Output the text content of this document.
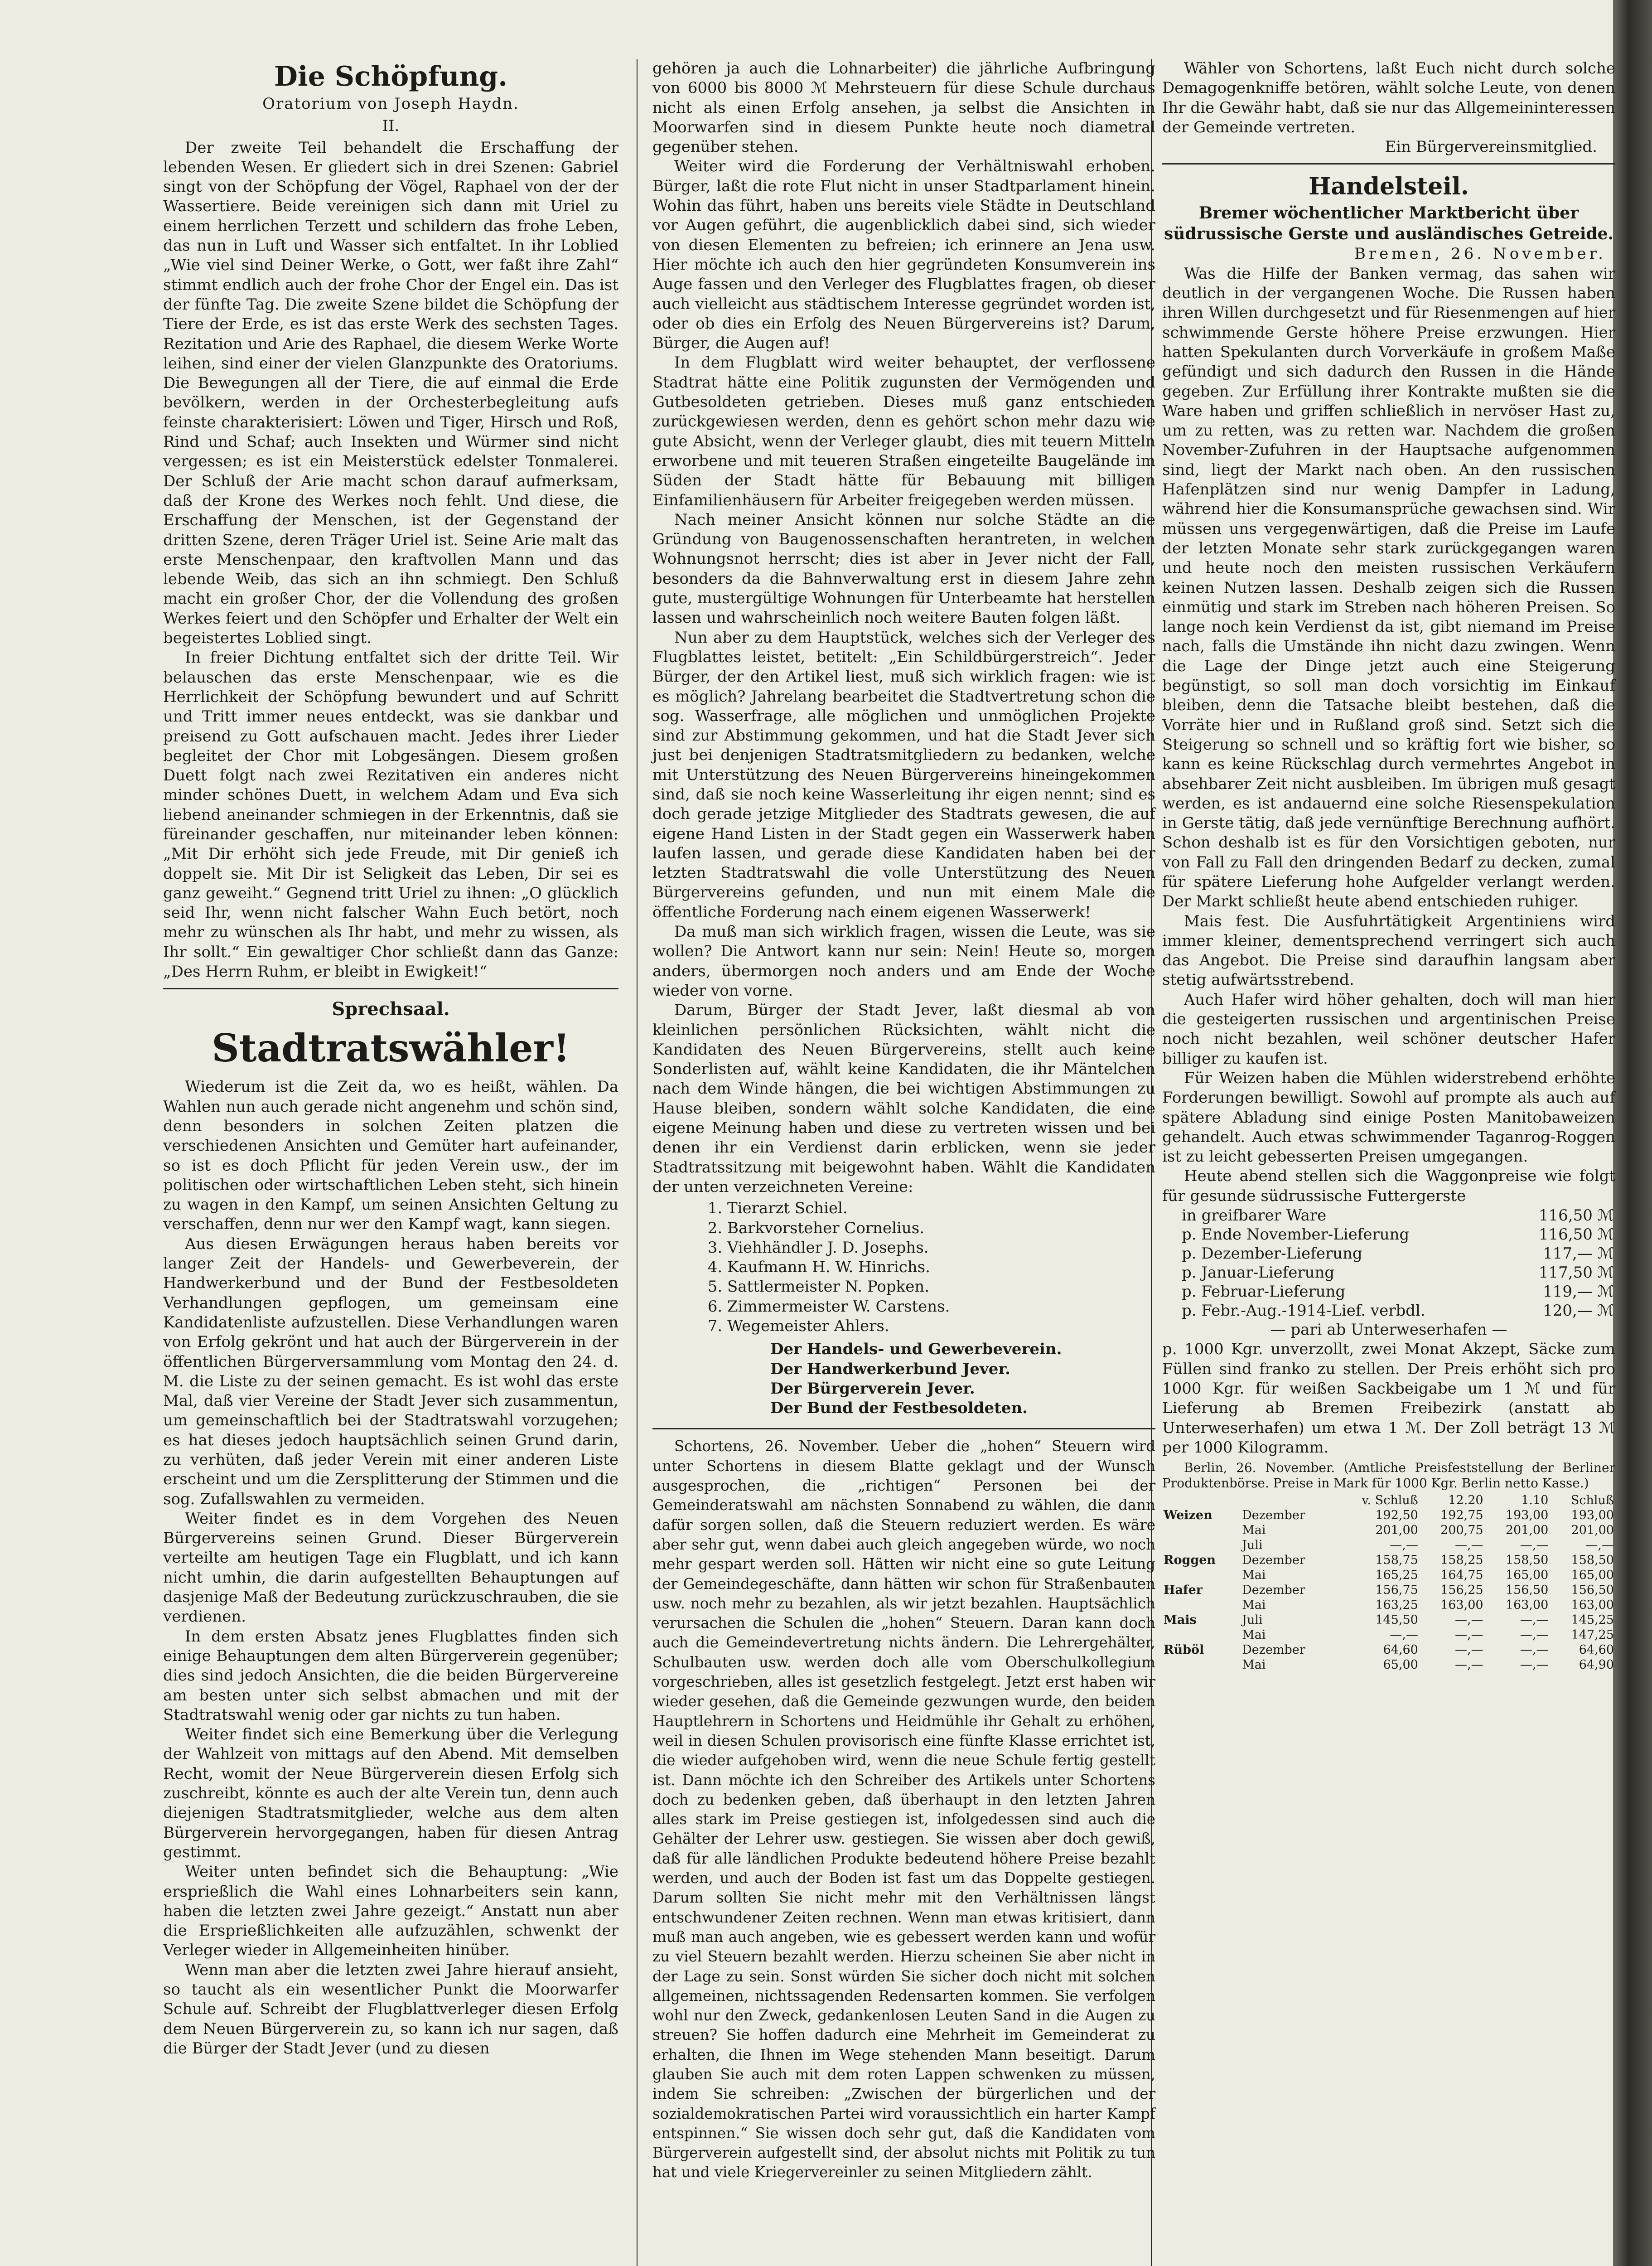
Die Schöpfung.
Oratorium von Joseph Haydn.
II.

Der zweite Teil behandelt die Erschaffung der lebenden Wesen. Er gliedert sich in drei Szenen: Gabriel singt von der Schöpfung der Vögel, Raphael von der der Wassertiere. Beide vereinigen sich dann mit Uriel zu einem herrlichen Terzett und schildern das frohe Leben, das nun in Luft und Wasser sich entfaltet. In ihr Loblied „Wie viel sind Deiner Werke, o Gott, wer faßt ihre Zahl“ stimmt endlich auch der frohe Chor der Engel ein. Das ist der fünfte Tag. Die zweite Szene bildet die Schöpfung der Tiere der Erde, es ist das erste Werk des sechsten Tages. Rezitation und Arie des Raphael, die diesem Werke Worte leihen, sind einer der vielen Glanzpunkte des Oratoriums. Die Bewegungen all der Tiere, die auf einmal die Erde bevölkern, werden in der Orchesterbegleitung aufs feinste charakterisiert: Löwen und Tiger, Hirsch und Roß, Rind und Schaf; auch Insekten und Würmer sind nicht vergessen; es ist ein Meisterstück edelster Tonmalerei. Der Schluß der Arie macht schon darauf aufmerksam, daß der Krone des Werkes noch fehlt. Und diese, die Erschaffung der Menschen, ist der Gegenstand der dritten Szene, deren Träger Uriel ist. Seine Arie malt das erste Menschenpaar, den kraftvollen Mann und das lebende Weib, das sich an ihn schmiegt. Den Schluß macht ein großer Chor, der die Vollendung des großen Werkes feiert und den Schöpfer und Erhalter der Welt ein begeistertes Loblied singt.

In freier Dichtung entfaltet sich der dritte Teil. Wir belauschen das erste Menschenpaar, wie es die Herrlichkeit der Schöpfung bewundert und auf Schritt und Tritt immer neues entdeckt, was sie dankbar und preisend zu Gott aufschauen macht. Jedes ihrer Lieder begleitet der Chor mit Lobgesängen. Diesem großen Duett folgt nach zwei Rezitativen ein anderes nicht minder schönes Duett, in welchem Adam und Eva sich liebend aneinander schmiegen in der Erkenntnis, daß sie füreinander geschaffen, nur miteinander leben können: „Mit Dir erhöht sich jede Freude, mit Dir genieß ich doppelt sie. Mit Dir ist Seligkeit das Leben, Dir sei es ganz geweiht.“ Gegnend tritt Uriel zu ihnen: „O glücklich seid Ihr, wenn nicht falscher Wahn Euch betört, noch mehr zu wünschen als Ihr habt, und mehr zu wissen, als Ihr sollt.“ Ein gewaltiger Chor schließt dann das Ganze: „Des Herrn Ruhm, er bleibt in Ewigkeit!“

Sprechsaal.
Stadtratswähler!

Wiederum ist die Zeit da, wo es heißt, wählen. Da Wahlen nun auch gerade nicht angenehm und schön sind, denn besonders in solchen Zeiten platzen die verschiedenen Ansichten und Gemüter hart aufeinander, so ist es doch Pflicht für jeden Verein usw., der im politischen oder wirtschaftlichen Leben steht, sich hinein zu wagen in den Kampf, um seinen Ansichten Geltung zu verschaffen, denn nur wer den Kampf wagt, kann siegen.

Aus diesen Erwägungen heraus haben bereits vor langer Zeit der Handels- und Gewerbeverein, der Handwerkerbund und der Bund der Festbesoldeten Verhandlungen gepflogen, um gemeinsam eine Kandidatenliste aufzustellen. Diese Verhandlungen waren von Erfolg gekrönt und hat auch der Bürgerverein in der öffentlichen Bürgerversammlung vom Montag den 24. d. M. die Liste zu der seinen gemacht. Es ist wohl das erste Mal, daß vier Vereine der Stadt Jever sich zusammentun, um gemeinschaftlich bei der Stadtratswahl vorzugehen; es hat dieses jedoch hauptsächlich seinen Grund darin, zu verhüten, daß jeder Verein mit einer anderen Liste erscheint und um die Zersplitterung der Stimmen und die sog. Zufallswahlen zu vermeiden.

Weiter findet es in dem Vorgehen des Neuen Bürgervereins seinen Grund. Dieser Bürgerverein verteilte am heutigen Tage ein Flugblatt, und ich kann nicht umhin, die darin aufgestellten Behauptungen auf dasjenige Maß der Bedeutung zurückzuschrauben, die sie verdienen.

In dem ersten Absatz jenes Flugblattes finden sich einige Behauptungen dem alten Bürgerverein gegenüber; dies sind jedoch Ansichten, die die beiden Bürgervereine am besten unter sich selbst abmachen und mit der Stadtratswahl wenig oder gar nichts zu tun haben.

Weiter findet sich eine Bemerkung über die Verlegung der Wahlzeit von mittags auf den Abend. Mit demselben Recht, womit der Neue Bürgerverein diesen Erfolg sich zuschreibt, könnte es auch der alte Verein tun, denn auch diejenigen Stadtratsmitglieder, welche aus dem alten Bürgerverein hervorgegangen, haben für diesen Antrag gestimmt.

Weiter unten befindet sich die Behauptung: „Wie ersprießlich die Wahl eines Lohnarbeiters sein kann, haben die letzten zwei Jahre gezeigt.“ Anstatt nun aber die Ersprießlichkeiten alle aufzuzählen, schwenkt der Verleger wieder in Allgemeinheiten hinüber.

Wenn man aber die letzten zwei Jahre hierauf ansieht, so taucht als ein wesentlicher Punkt die Moorwarfer Schule auf. Schreibt der Flugblattverleger diesen Erfolg dem Neuen Bürgerverein zu, so kann ich nur sagen, daß die Bürger der Stadt Jever (und zu diesen

gehören ja auch die Lohnarbeiter) die jährliche Aufbringung von 6000 bis 8000 ℳ Mehrsteuern für diese Schule durchaus nicht als einen Erfolg ansehen, ja selbst die Ansichten in Moorwarfen sind in diesem Punkte heute noch diametral gegenüber stehen.

Weiter wird die Forderung der Verhältniswahl erhoben. Bürger, laßt die rote Flut nicht in unser Stadtparlament hinein. Wohin das führt, haben uns bereits viele Städte in Deutschland vor Augen geführt, die augenblicklich dabei sind, sich wieder von diesen Elementen zu befreien; ich erinnere an Jena usw. Hier möchte ich auch den hier gegründeten Konsumverein ins Auge fassen und den Verleger des Flugblattes fragen, ob dieser auch vielleicht aus städtischem Interesse gegründet worden ist, oder ob dies ein Erfolg des Neuen Bürgervereins ist? Darum, Bürger, die Augen auf!

In dem Flugblatt wird weiter behauptet, der verflossene Stadtrat hätte eine Politik zugunsten der Vermögenden und Gutbesoldeten getrieben. Dieses muß ganz entschieden zurückgewiesen werden, denn es gehört schon mehr dazu wie gute Absicht, wenn der Verleger glaubt, dies mit teuern Mitteln erworbene und mit teueren Straßen eingeteilte Baugelände im Süden der Stadt hätte für Bebauung mit billigen Einfamilienhäusern für Arbeiter freigegeben werden müssen.

Nach meiner Ansicht können nur solche Städte an die Gründung von Baugenossenschaften herantreten, in welchen Wohnungsnot herrscht; dies ist aber in Jever nicht der Fall, besonders da die Bahnverwaltung erst in diesem Jahre zehn gute, mustergültige Wohnungen für Unterbeamte hat herstellen lassen und wahrscheinlich noch weitere Bauten folgen läßt.

Nun aber zu dem Hauptstück, welches sich der Verleger des Flugblattes leistet, betitelt: „Ein Schildbürgerstreich“. Jeder Bürger, der den Artikel liest, muß sich wirklich fragen: wie ist es möglich? Jahrelang bearbeitet die Stadtvertretung schon die sog. Wasserfrage, alle möglichen und unmöglichen Projekte sind zur Abstimmung gekommen, und hat die Stadt Jever sich just bei denjenigen Stadtratsmitgliedern zu bedanken, welche mit Unterstützung des Neuen Bürgervereins hineingekommen sind, daß sie noch keine Wasserleitung ihr eigen nennt; sind es doch gerade jetzige Mitglieder des Stadtrats gewesen, die auf eigene Hand Listen in der Stadt gegen ein Wasserwerk haben laufen lassen, und gerade diese Kandidaten haben bei der letzten Stadtratswahl die volle Unterstützung des Neuen Bürgervereins gefunden, und nun mit einem Male die öffentliche Forderung nach einem eigenen Wasserwerk!

Da muß man sich wirklich fragen, wissen die Leute, was sie wollen? Die Antwort kann nur sein: Nein! Heute so, morgen anders, übermorgen noch anders und am Ende der Woche wieder von vorne.

Darum, Bürger der Stadt Jever, laßt diesmal ab von kleinlichen persönlichen Rücksichten, wählt nicht die Kandidaten des Neuen Bürgervereins, stellt auch keine Sonderlisten auf, wählt keine Kandidaten, die ihr Mäntelchen nach dem Winde hängen, die bei wichtigen Abstimmungen zu Hause bleiben, sondern wählt solche Kandidaten, die eine eigene Meinung haben und diese zu vertreten wissen und bei denen ihr ein Verdienst darin erblicken, wenn sie jeder Stadtratssitzung mit beigewohnt haben. Wählt die Kandidaten der unten verzeichneten Vereine:

1. Tierarzt Schiel.
2. Barkvorsteher Cornelius.
3. Viehhändler J. D. Josephs.
4. Kaufmann H. W. Hinrichs.
5. Sattlermeister N. Popken.
6. Zimmermeister W. Carstens.
7. Wegemeister Ahlers.
Der Handels- und Gewerbeverein.
Der Handwerkerbund Jever.
Der Bürgerverein Jever.
Der Bund der Festbesoldeten.

Schortens, 26. November. Ueber die „hohen“ Steuern wird unter Schortens in diesem Blatte geklagt und der Wunsch ausgesprochen, die „richtigen“ Personen bei der Gemeinderatswahl am nächsten Sonnabend zu wählen, die dann dafür sorgen sollen, daß die Steuern reduziert werden. Es wäre aber sehr gut, wenn dabei auch gleich angegeben würde, wo noch mehr gespart werden soll. Hätten wir nicht eine so gute Leitung der Gemeindegeschäfte, dann hätten wir schon für Straßenbauten usw. noch mehr zu bezahlen, als wir jetzt bezahlen. Hauptsächlich verursachen die Schulen die „hohen“ Steuern. Daran kann doch auch die Gemeindevertretung nichts ändern. Die Lehrergehälter, Schulbauten usw. werden doch alle vom Oberschulkollegium vorgeschrieben, alles ist gesetzlich festgelegt. Jetzt erst haben wir wieder gesehen, daß die Gemeinde gezwungen wurde, den beiden Hauptlehrern in Schortens und Heidmühle ihr Gehalt zu erhöhen, weil in diesen Schulen provisorisch eine fünfte Klasse errichtet ist, die wieder aufgehoben wird, wenn die neue Schule fertig gestellt ist. Dann möchte ich den Schreiber des Artikels unter Schortens doch zu bedenken geben, daß überhaupt in den letzten Jahren alles stark im Preise gestiegen ist, infolgedessen sind auch die Gehälter der Lehrer usw. gestiegen. Sie wissen aber doch gewiß, daß für alle ländlichen Produkte bedeutend höhere Preise bezahlt werden, und auch der Boden ist fast um das Doppelte gestiegen. Darum sollten Sie nicht mehr mit den Verhältnissen längst entschwundener Zeiten rechnen. Wenn man etwas kritisiert, dann muß man auch angeben, wie es gebessert werden kann und wofür zu viel Steuern bezahlt werden. Hierzu scheinen Sie aber nicht in der Lage zu sein. Sonst würden Sie sicher doch nicht mit solchen allgemeinen, nichtssagenden Redensarten kommen. Sie verfolgen wohl nur den Zweck, gedankenlosen Leuten Sand in die Augen zu streuen? Sie hoffen dadurch eine Mehrheit im Gemeinderat zu erhalten, die Ihnen im Wege stehenden Mann beseitigt. Darum glauben Sie auch mit dem roten Lappen schwenken zu müssen, indem Sie schreiben: „Zwischen der bürgerlichen und der sozialdemokratischen Partei wird voraussichtlich ein harter Kampf entspinnen.“ Sie wissen doch sehr gut, daß die Kandidaten vom Bürgerverein aufgestellt sind, der absolut nichts mit Politik zu tun hat und viele Kriegervereinler zu seinen Mitgliedern zählt.

Wähler von Schortens, laßt Euch nicht durch solche Demagogenkniffe betören, wählt solche Leute, von denen Ihr die Gewähr habt, daß sie nur das Allgemeininteressen der Gemeinde vertreten.

Ein Bürgervereinsmitglied.
Handelsteil.
Bremer wöchentlicher Marktbericht über südrussische Gerste und ausländisches Getreide.
Bremen, 26. November.

Was die Hilfe der Banken vermag, das sahen wir deutlich in der vergangenen Woche. Die Russen haben ihren Willen durchgesetzt und für Riesenmengen auf hier schwimmende Gerste höhere Preise erzwungen. Hier hatten Spekulanten durch Vorverkäufe in großem Maße gefündigt und sich dadurch den Russen in die Hände gegeben. Zur Erfüllung ihrer Kontrakte mußten sie die Ware haben und griffen schließlich in nervöser Hast zu, um zu retten, was zu retten war. Nachdem die großen November-Zufuhren in der Hauptsache aufgenommen sind, liegt der Markt nach oben. An den russischen Hafenplätzen sind nur wenig Dampfer in Ladung, während hier die Konsumansprüche gewachsen sind. Wir müssen uns vergegenwärtigen, daß die Preise im Laufe der letzten Monate sehr stark zurückgegangen waren und heute noch den meisten russischen Verkäufern keinen Nutzen lassen. Deshalb zeigen sich die Russen einmütig und stark im Streben nach höheren Preisen. So lange noch kein Verdienst da ist, gibt niemand im Preise nach, falls die Umstände ihn nicht dazu zwingen. Wenn die Lage der Dinge jetzt auch eine Steigerung begünstigt, so soll man doch vorsichtig im Einkauf bleiben, denn die Tatsache bleibt bestehen, daß die Vorräte hier und in Rußland groß sind. Setzt sich die Steigerung so schnell und so kräftig fort wie bisher, so kann es keine Rückschlag durch vermehrtes Angebot in absehbarer Zeit nicht ausbleiben. Im übrigen muß gesagt werden, es ist andauernd eine solche Riesenspekulation in Gerste tätig, daß jede vernünftige Berechnung aufhört. Schon deshalb ist es für den Vorsichtigen geboten, nur von Fall zu Fall den dringenden Bedarf zu decken, zumal für spätere Lieferung hohe Aufgelder verlangt werden. Der Markt schließt heute abend entschieden ruhiger.

Mais fest. Die Ausfuhrtätigkeit Argentiniens wird immer kleiner, dementsprechend verringert sich auch das Angebot. Die Preise sind daraufhin langsam aber stetig aufwärtsstrebend.

Auch Hafer wird höher gehalten, doch will man hier die gesteigerten russischen und argentinischen Preise noch nicht bezahlen, weil schöner deutscher Hafer billiger zu kaufen ist.

Für Weizen haben die Mühlen widerstrebend erhöhte Forderungen bewilligt. Sowohl auf prompte als auch auf spätere Abladung sind einige Posten Manitobaweizen gehandelt. Auch etwas schwimmender Taganrog-Roggen ist zu leicht gebesserten Preisen umgegangen.

Heute abend stellen sich die Waggonpreise wie folgt für gesunde südrussische Futtergerste

in greifbarer Ware	116,50 ℳ
p. Ende November-Lieferung	116,50 ℳ
p. Dezember-Lieferung	117,— ℳ
p. Januar-Lieferung	117,50 ℳ
p. Februar-Lieferung	119,— ℳ
p. Febr.-Aug.-1914-Lief. verbdl.	120,— ℳ
— pari ab Unterweserhafen —

p. 1000 Kgr. unverzollt, zwei Monat Akzept, Säcke zum Füllen sind franko zu stellen. Der Preis erhöht sich pro 1000 Kgr. für weißen Sackbeigabe um 1 ℳ und für Lieferung ab Bremen Freibezirk (anstatt ab Unterweserhafen) um etwa 1 ℳ. Der Zoll beträgt 13 ℳ per 1000 Kilogramm.

Berlin, 26. November. (Amtliche Preisfeststellung der Berliner Produktenbörse. Preise in Mark für 1000 Kgr. Berlin netto Kasse.)

		v. Schluß	12.20	1.10	Schluß
Weizen	Dezember	192,50	192,75	193,00	193,00
	Mai	201,00	200,75	201,00	201,00
	Juli	—,—	—,—	—,—	—,—
Roggen	Dezember	158,75	158,25	158,50	158,50
	Mai	165,25	164,75	165,00	165,00
Hafer	Dezember	156,75	156,25	156,50	156,50
	Mai	163,25	163,00	163,00	163,00
Mais	Juli	145,50	—,—	—,—	145,25
	Mai	—,—	—,—	—,—	147,25
Rüböl	Dezember	64,60	—,—	—,—	64,60
	Mai	65,00	—,—	—,—	64,90
